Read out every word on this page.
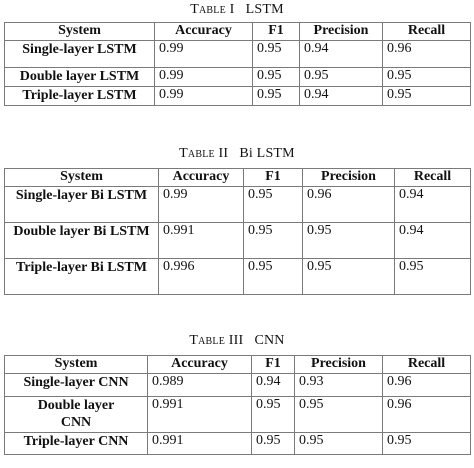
Table I LSTM
System	Accuracy	F1	Precision	Recall
Single-layer LSTM	0.99	0.95	0.94	0.96
Double layer LSTM	0.99	0.95	0.95	0.95
Triple-layer LSTM	0.99	0.95	0.94	0.95
Table II Bi LSTM
System	Accuracy	F1	Precision	Recall
Single-layer Bi LSTM	0.99	0.95	0.96	0.94
Double layer Bi LSTM	0.991	0.95	0.95	0.94
Triple-layer Bi LSTM	0.996	0.95	0.95	0.95
Table III CNN
System	Accuracy	F1	Precision	Recall
Single-layer CNN	0.989	0.94	0.93	0.96
Double layer CNN	0.991	0.95	0.95	0.96
Triple-layer CNN	0.991	0.95	0.95	0.95
